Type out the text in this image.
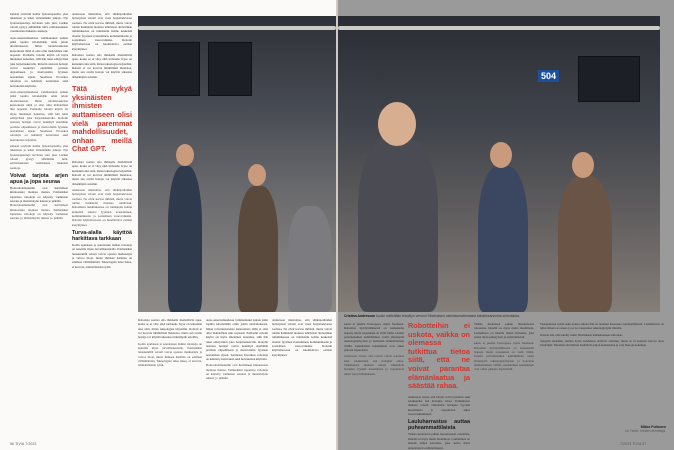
samaan tarvittiin kolme fysioterapeuttia, yksi tukemaan ja kaksi siirtelemään jalkoja. Nyt fysioterapeutteja tarvitaan vain yksi. Lisäksi robotti pystyy säätämään niitä, eritilaisuuksien vaatimusten mukaisia asentoja.

Auto-onnettomuudessa vammautunut nainen pääsi lopulta kävelemään omin jaloin uloslaitoksesta. Ilman robottiavusteista kuntoutusta tämä ei olisi ollut mahdollista niin nopeasti. Potilaalle robotin käyttö oli myös mieluinen kokemus, sillä hän tunsi edistyvänsä joka harjoituskerralla. Robotin ansiosta hoitajat voivat keskittyä enemmän potilaan ohjaamiseen ja motivointiin fyysisen nostamisen sijaan. Suomessa Ervonkos robotteja on kehitetty kotiavuksi sekä hoivakotien käyttöön.

Auto-onnettomuudessa vammautunut nainen pääsi lopulta kävelemään omin jaloin uloslaitoksesta. Ilman robottiavusteista kuntoutusta tämä ei olisi ollut mahdollista niin nopeasti. Potilaalle robotin käyttö oli myös mieluinen kokemus, sillä hän tunsi edistyvänsä joka harjoituskerralla. Robotin ansiosta hoitajat voivat keskittyä enemmän potilaan ohjaamiseen ja motivointiin fyysisen nostamisen sijaan. Suomessa Ervonkos robotteja on kehitetty kotiavuksi sekä hoivakotien käyttöön.

samaan tarvittiin kolme fysioterapeuttia, yksi tukemaan ja kaksi siirtelemään jalkoja. Nyt fysioterapeutteja tarvitaan vain yksi. Lisäksi robotti pystyy säätämään niitä, eritilaisuuksien vaatimusten mukaisia asentoja.

Voivat tarjota arjen apua ja jopa seuraa

Hoitorobottikokeilut ovat herättäneet kiinnostusta monissa maissa. Esimerkiksi Japanissa robotteja on käytetty vanhusten seurana ja muistelutyön tukena jo pitkään.

Hoitorobottikokeilut ovat herättäneet kiinnostusta monissa maissa. Esimerkiksi Japanissa robotteja on käytetty vanhusten seurana ja muistelutyön tukena jo pitkään.

Andersson muistuttaa, että sähköpotilaiden hoitotyössä robotit ovat vasta harjoittelevassa roolissa. Ne eivät korvaa ihmistä, mutta voivat toimia lisäkätenä monissa tehtävissä. Robotiikan tutkimuksessa on tunnistettu kolme keskeistä aluetta: fyysinen avustaminen, kommunikaatio ja sosiaalinen vuorovaikutus. Robotin käyttöönotossa on huomioitava eettiset kysymykset.

Robotista saattaa olla ihmiselle merkittävää apua, koska se ei väsy eikä turhaudu. Kyse on kuitenkin aina siitä, miten teknologiaa käytetään. Robotti ei voi korvata inhimillistä läsnäoloa, mutta sen avulla hoitaja voi käyttää aikaansa tärkeämpiin asioihin.

Tätä nykyä yksinäisten ihmisten auttamiseen olisi vielä paremmat mahdollisuudet, onhan meillä Chat GPT.

Robotista saattaa olla ihmiselle merkittävää apua, koska se ei väsy eikä turhaudu. Kyse on kuitenkin aina siitä, miten teknologiaa käytetään. Robotti ei voi korvata inhimillistä läsnäoloa, mutta sen avulla hoitaja voi käyttää aikaansa tärkeämpiin asioihin.

Andersson muistuttaa, että sähköpotilaiden hoitotyössä robotit ovat vasta harjoittelevassa roolissa. Ne eivät korvaa ihmistä, mutta voivat toimia lisäkätenä monissa tehtävissä. Robotiikan tutkimuksessa on tunnistettu kolme keskeistä aluetta: fyysinen avustaminen, kommunikaatio ja sosiaalinen vuorovaikutus. Robotin käyttöönotossa on huomioitava eettiset kysymykset.

Turva-alalla käyttöä harkittava tarkkaan

Kodin apulaisen ja seuralaisen lisäksi robotteja on kokeiltu myös turvallisuusalalla. Esimerkiksi lentokentillä robotit voivat opastaa matkustajia ja valvoa tiloja, mutta ihmisen harkinta on edelleen välttämätöntä. Teknologian tulee tukea, ei korvata, ammattilaisten työtä.

Robotista saattaa olla ihmiselle merkittävää apua, koska se ei väsy eikä turhaudu. Kyse on kuitenkin aina siitä, miten teknologiaa käytetään. Robotti ei voi korvata inhimillistä läsnäoloa, mutta sen avulla hoitaja voi käyttää aikaansa tärkeämpiin asioihin.

Kodin apulaisen ja seuralaisen lisäksi robotteja on kokeiltu myös turvallisuusalalla. Esimerkiksi lentokentillä robotit voivat opastaa matkustajia ja valvoa tiloja, mutta ihmisen harkinta on edelleen välttämätöntä. Teknologian tulee tukea, ei korvata, ammattilaisten työtä.

Auto-onnettomuudessa vammautunut nainen pääsi lopulta kävelemään omin jaloin uloslaitoksesta. Ilman robottiavusteista kuntoutusta tämä ei olisi ollut mahdollista niin nopeasti. Potilaalle robotin käyttö oli myös mieluinen kokemus, sillä hän tunsi edistyvänsä joka harjoituskerralla. Robotin ansiosta hoitajat voivat keskittyä enemmän potilaan ohjaamiseen ja motivointiin fyysisen nostamisen sijaan. Suomessa Ervonkos robotteja on kehitetty kotiavuksi sekä hoivakotien käyttöön.

Hoitorobottikokeilut ovat herättäneet kiinnostusta monissa maissa. Esimerkiksi Japanissa robotteja on käytetty vanhusten seurana ja muistelutyön tukena jo pitkään.

Andersson muistuttaa, että sähköpotilaiden hoitotyössä robotit ovat vasta harjoittelevassa roolissa. Ne eivät korvaa ihmistä, mutta voivat toimia lisäkätenä monissa tehtävissä. Robotiikan tutkimuksessa on tunnistettu kolme keskeistä aluetta: fyysinen avustaminen, kommunikaatio ja sosiaalinen vuorovaikutus. Robotin käyttöönotossa on huomioitava eettiset kysymykset.

56 TIVIA 7/2023
504
Cristina Andersson kuului mielellään tekoälyn version Sibeliuksen valmistumattomasta kahdeksannesta sinfoniasta.

saisia ei pueille Eurooppaa, myös Suomeen. Robottien hyödyntämisestä on keskusteltu laajasti, mutta toteutuksia on vielä vähän. Uusien palvelumallien kehittäminen vaatii yhteistyötä teknologiayritysten ja hoitoalan ammattilaisten välillä. Asiakkaiden kokemukset ovat olleet pääosin myönteisiä.

Andersson toteaa, että robotit voivat parantaa sekä asiakkaiden että hoitajien arkea. Tutkimusten mukaan robotit vähentävät hoitajien fyysistä kuormitusta ja vapauttavat aikaa vuorovaikutukseen.

Robotteihin ei uskota, vaikka on olemassa tutkittua tietoa siitä, että ne voivat parantaa elämänlaatua ja säästää rahaa.

Andersson toteaa, että robotit voivat parantaa sekä asiakkaiden että hoitajien arkea. Tutkimusten mukaan robotit vähentävät hoitajien fyysistä kuormitusta ja vapauttavat aikaa vuorovaikutukseen.

Lauluharrastus auttaa puheammattilaista

Vaikka Andersson puhuu innostuneesti roboteista, hänellä on myös muita intohimoja. Laulaminen on hänelle tärkeä harrastus, joka auttaa myös puhetyössä ja esiintymisessä.

Vaikka Andersson puhuu innostuneesti roboteista, hänellä on myös muita intohimoja. Laulaminen on hänelle tärkeä harrastus, joka auttaa myös puhetyössä ja esiintymisessä.

saisia ei pueille Eurooppaa, myös Suomeen. Robottien hyödyntämisestä on keskusteltu laajasti, mutta toteutuksia on vielä vähän. Uusien palvelumallien kehittäminen vaatii yhteistyötä teknologiayritysten ja hoitoalan ammattilaisten välillä. Asiakkaiden kokemukset ovat olleet pääosin myönteisiä.

Vastapainona työlle sekä uransa aikana hän on laulanut kuoroissa vuosikymmeniä. Laulamisesta on tullut tärkeä osa arkea, ja se tuo tasapainoa teknologiatyön rinnalle.

Odotan sitä, että tekoäly tekisi Sibeliuksen kahdeksannen sinfonian.

Syksyllä tiedetään, kuinka hyvin kahdeksas sinfonia onnistuu, mutta se ei koskaan korvaa aitoa säveltäjää. Tekoälyn sävellykset herättävät paljon keskustelua ja ovat hienoja kokeiluja.

Mikko Puttonen
on Tiede- lehden toimittaja.
7/2023 TIVIA 57
